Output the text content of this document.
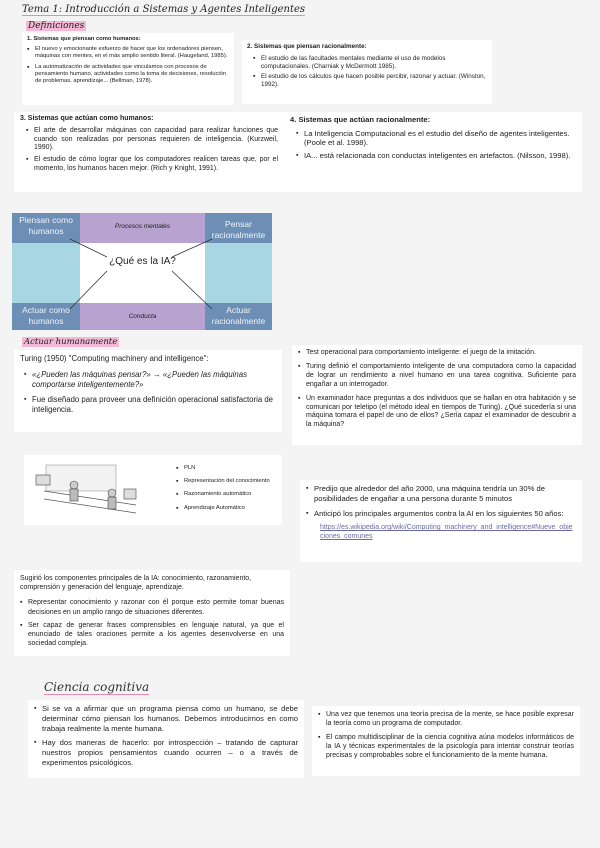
Tema 1: Introducción a Sistemas y Agentes Inteligentes
Definiciones
1. Sistemas que piensan como humanos:
▪ El nuevo y emocionante esfuerzo de hacer que los ordenadores piensen, máquinas con mentes, en el más amplio sentido literal. (Haugeland, 1985).
▪ La automatización de actividades que vinculamos con procesos de pensamiento humano, actividades como la toma de decisiones, resolución de problemas, aprendizaje... (Bellman, 1978).
2. Sistemas que piensan racionalmente:
▪ El estudio de las facultades mentales mediante el uso de modelos computacionales. (Charniak y McDermott 1985).
▪ El estudio de los cálculos que hacen posible percibir, razonar y actuar. (Winston, 1992).
3. Sistemas que actúan como humanos:
▪ El arte de desarrollar máquinas con capacidad para realizar funciones que cuando son realizadas por personas requieren de inteligencia. (Kurzweil, 1990).
▪ El estudio de cómo lograr que los computadores realicen tareas que, por el momento, los humanos hacen mejor. (Rich y Knight, 1991).
4. Sistemas que actúan racionalmente:
▪ La Inteligencia Computacional es el estudio del diseño de agentes inteligentes. (Poole et al. 1998).
▪ IA... está relacionada con conductas inteligentes en artefactos. (Nilsson, 1998).
Piensan como humanos
Pensar racionalmente
Actuar como humanos
Actuar racionalmente
Procesos mentales
Conducta
¿Qué es la IA?
Actuar humanamente
Turing (1950) "Computing machinery and intelligence":
▪ «¿Pueden las máquinas pensar?» → «¿Pueden las máquinas comportarse inteligentemente?»
▪ Fue diseñado para proveer una definición operacional satisfactoria de inteligencia.
▪ Test operacional para comportamiento inteligente: el juego de la imitación.
▪ Turing definió el comportamiento inteligente de una computadora como la capacidad de lograr un rendimiento a nivel humano en una tarea cognitiva. Suficiente para engañar a un interrogador.
▪ Un examinador hace preguntas a dos individuos que se hallan en otra habitación y se comunican por teletipo (el método ideal en tiempos de Turing). ¿Qué sucedería si una máquina tomara el papel de uno de ellos? ¿Sería capaz el examinador de descubrir a la máquina?
▪ PLN
▪ Representación del conocimiento
▪ Razonamiento automático
▪ Aprendizaje Automático
▪ Predijo que alrededor del año 2000, una máquina tendría un 30% de posibilidades de engañar a una persona durante 5 minutos
▪ Anticipó los principales argumentos contra la AI en los siguientes 50 años:
https://es.wikipedia.org/wiki/Computing_machinery_and_intelligence#Nueve_objeciones_comunes
Sugirió los componentes principales de la IA: conocimiento, razonamiento, comprensión y generación del lenguaje, aprendizaje.
▪ Representar conocimiento y razonar con él porque esto permite tomar buenas decisiones en un amplio rango de situaciones diferentes.
▪ Ser capaz de generar frases comprensibles en lenguaje natural, ya que el enunciado de tales oraciones permite a los agentes desenvolverse en una sociedad compleja.
Ciencia cognitiva
▪ Si se va a afirmar que un programa piensa como un humano, se debe determinar cómo piensan los humanos. Debemos introducirnos en como trabaja realmente la mente humana.
▪ Hay dos maneras de hacerlo: por introspección – tratando de capturar nuestros propios pensamientos cuando ocurren – o a través de experimentos psicológicos.
▪ Una vez que tenemos una teoría precisa de la mente, se hace posible expresar la teoría como un programa de computador.
▪ El campo multidisciplinar de la ciencia cognitiva aúna modelos informáticos de la IA y técnicas experimentales de la psicología para intentar construir teorías precisas y comprobables sobre el funcionamiento de la mente humana.
